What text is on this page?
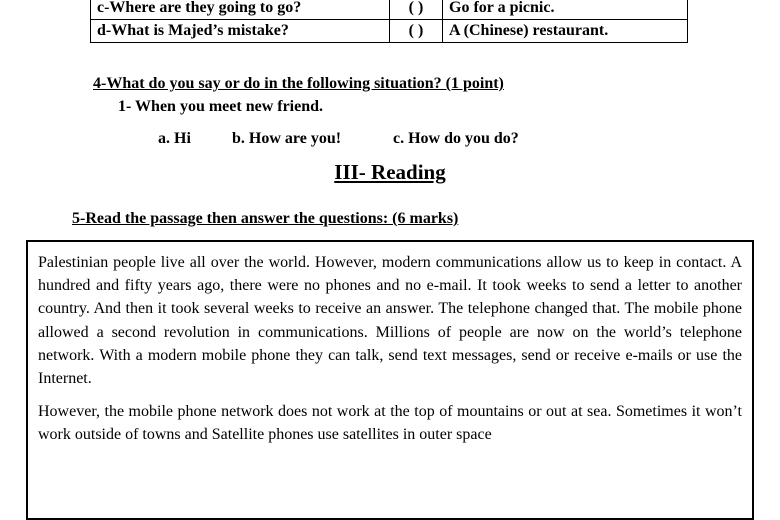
c-Where are they going to go?	( )	Go for a picnic.
d-What is Majed’s mistake?	( )	A (Chinese) restaurant.
4-What do you say or do in the following situation? (1 point)
1- When you meet new friend.
a. Hi	b. How are you!	c. How do you do?
III- Reading
5-Read the passage then answer the questions: (6 marks)

Palestinian people live all over the world. However, modern communications allow us to keep in contact. A hundred and fifty years ago, there were no phones and no e-mail. It took weeks to send a letter to another country. And then it took several weeks to receive an answer. The telephone changed that. The mobile phone allowed a second revolution in communications. Millions of people are now on the world’s telephone network. With a modern mobile phone they can talk, send text messages, send or receive e-mails or use the Internet.

However, the mobile phone network does not work at the top of mountains or out at sea. Sometimes it won’t work outside of towns and Satellite phones use satellites in outer space
